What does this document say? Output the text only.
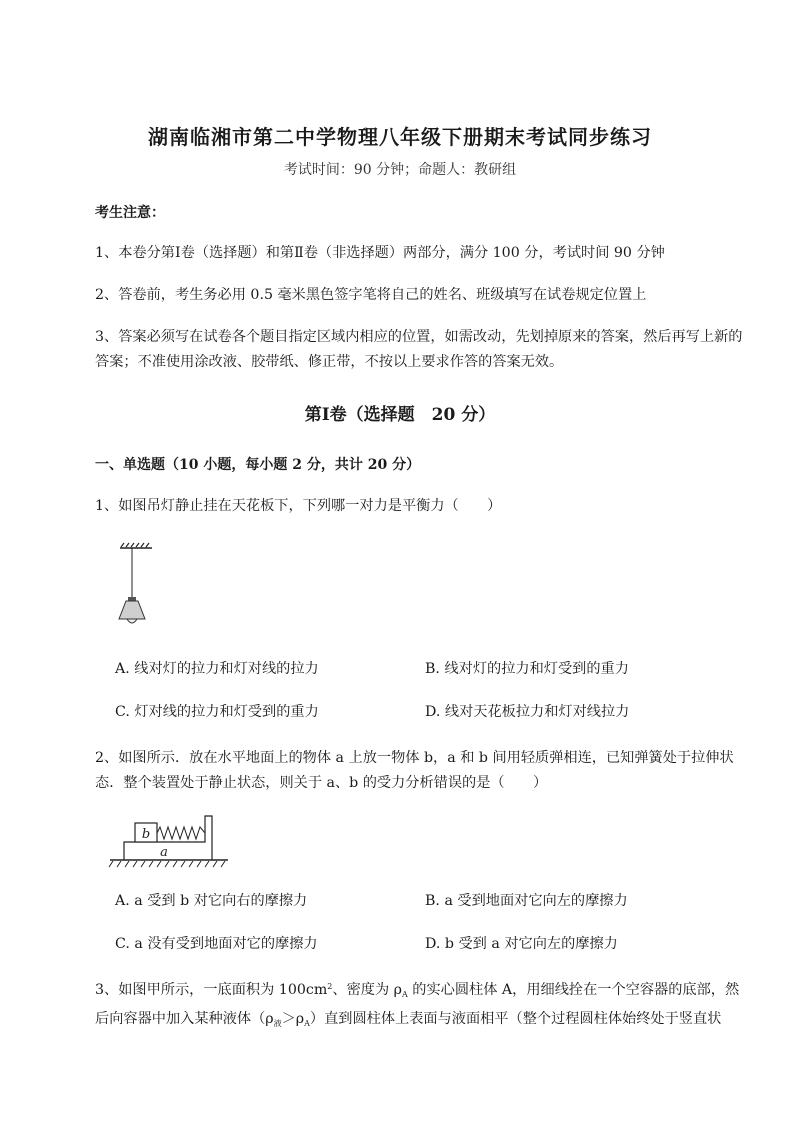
湖南临湘市第二中学物理八年级下册期末考试同步练习
考试时间：90 分钟；命题人：教研组
考生注意：
1、本卷分第Ⅰ卷（选择题）和第Ⅱ卷（非选择题）两部分，满分 100 分，考试时间 90 分钟
2、答卷前，考生务必用 0.5 毫米黑色签字笔将自己的姓名、班级填写在试卷规定位置上
3、答案必须写在试卷各个题目指定区域内相应的位置，如需改动，先划掉原来的答案，然后再写上新的答案；不准使用涂改液、胶带纸、修正带，不按以上要求作答的答案无效。
第Ⅰ卷（选择题　20 分）
一、单选题（10 小题，每小题 2 分，共计 20 分）
1、如图吊灯静止挂在天花板下，下列哪一对力是平衡力（　　）
A. 线对灯的拉力和灯对线的拉力	B. 线对灯的拉力和灯受到的重力
C. 灯对线的拉力和灯受到的重力	D. 线对天花板拉力和灯对线拉力
2、如图所示．放在水平地面上的物体 a 上放一物体 b，a 和 b 间用轻质弹相连，已知弹簧处于拉伸状态．整个装置处于静止状态，则关于 a、b 的受力分析错误的是（　　）
b
a
A. a 受到 b 对它向右的摩擦力	B. a 受到地面对它向左的摩擦力
C. a 没有受到地面对它的摩擦力	D. b 受到 a 对它向左的摩擦力
3、如图甲所示，一底面积为 $100cm^2$、密度为 $\rho_A$ 的实心圆柱体 A，用细线拴在一个空容器的底部，然
后向容器中加入某种液体$(\rho_液>\rho_A)$直到圆柱体上表面与液面相平（整个过程圆柱体始终处于竖直状
